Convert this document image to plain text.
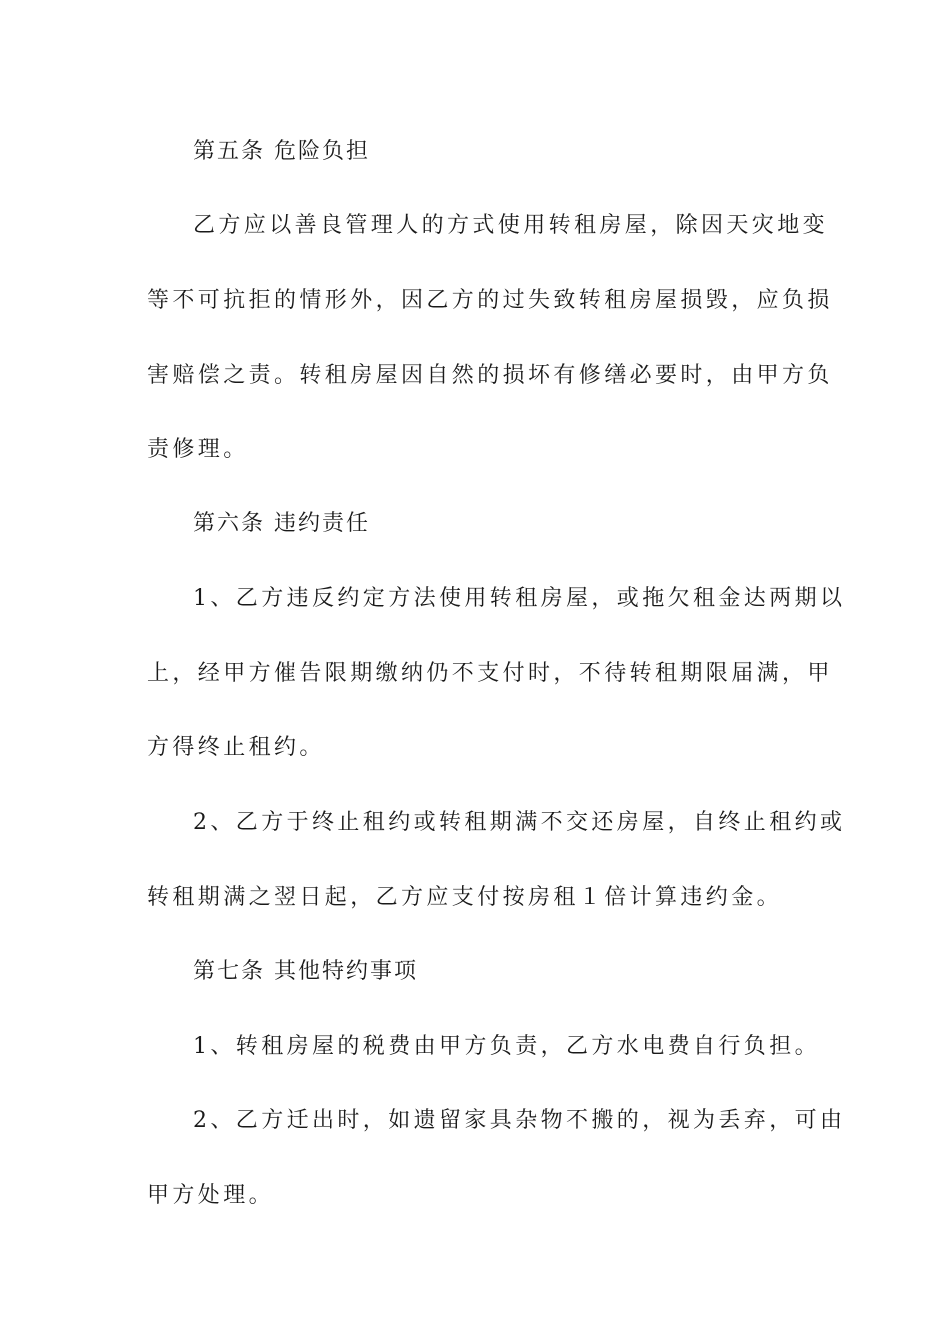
第五条 危险负担
乙方应以善良管理人的方式使用转租房屋，除因天灾地变
等不可抗拒的情形外，因乙方的过失致转租房屋损毁，应负损
害赔偿之责。转租房屋因自然的损坏有修缮必要时，由甲方负
责修理。
第六条 违约责任
1、乙方违反约定方法使用转租房屋，或拖欠租金达两期以
上，经甲方催告限期缴纳仍不支付时，不待转租期限届满，甲
方得终止租约。
2、乙方于终止租约或转租期满不交还房屋，自终止租约或
转租期满之翌日起，乙方应支付按房租１倍计算违约金。
第七条 其他特约事项
1、转租房屋的税费由甲方负责，乙方水电费自行负担。
2、乙方迁出时，如遗留家具杂物不搬的，视为丢弃，可由
甲方处理。
